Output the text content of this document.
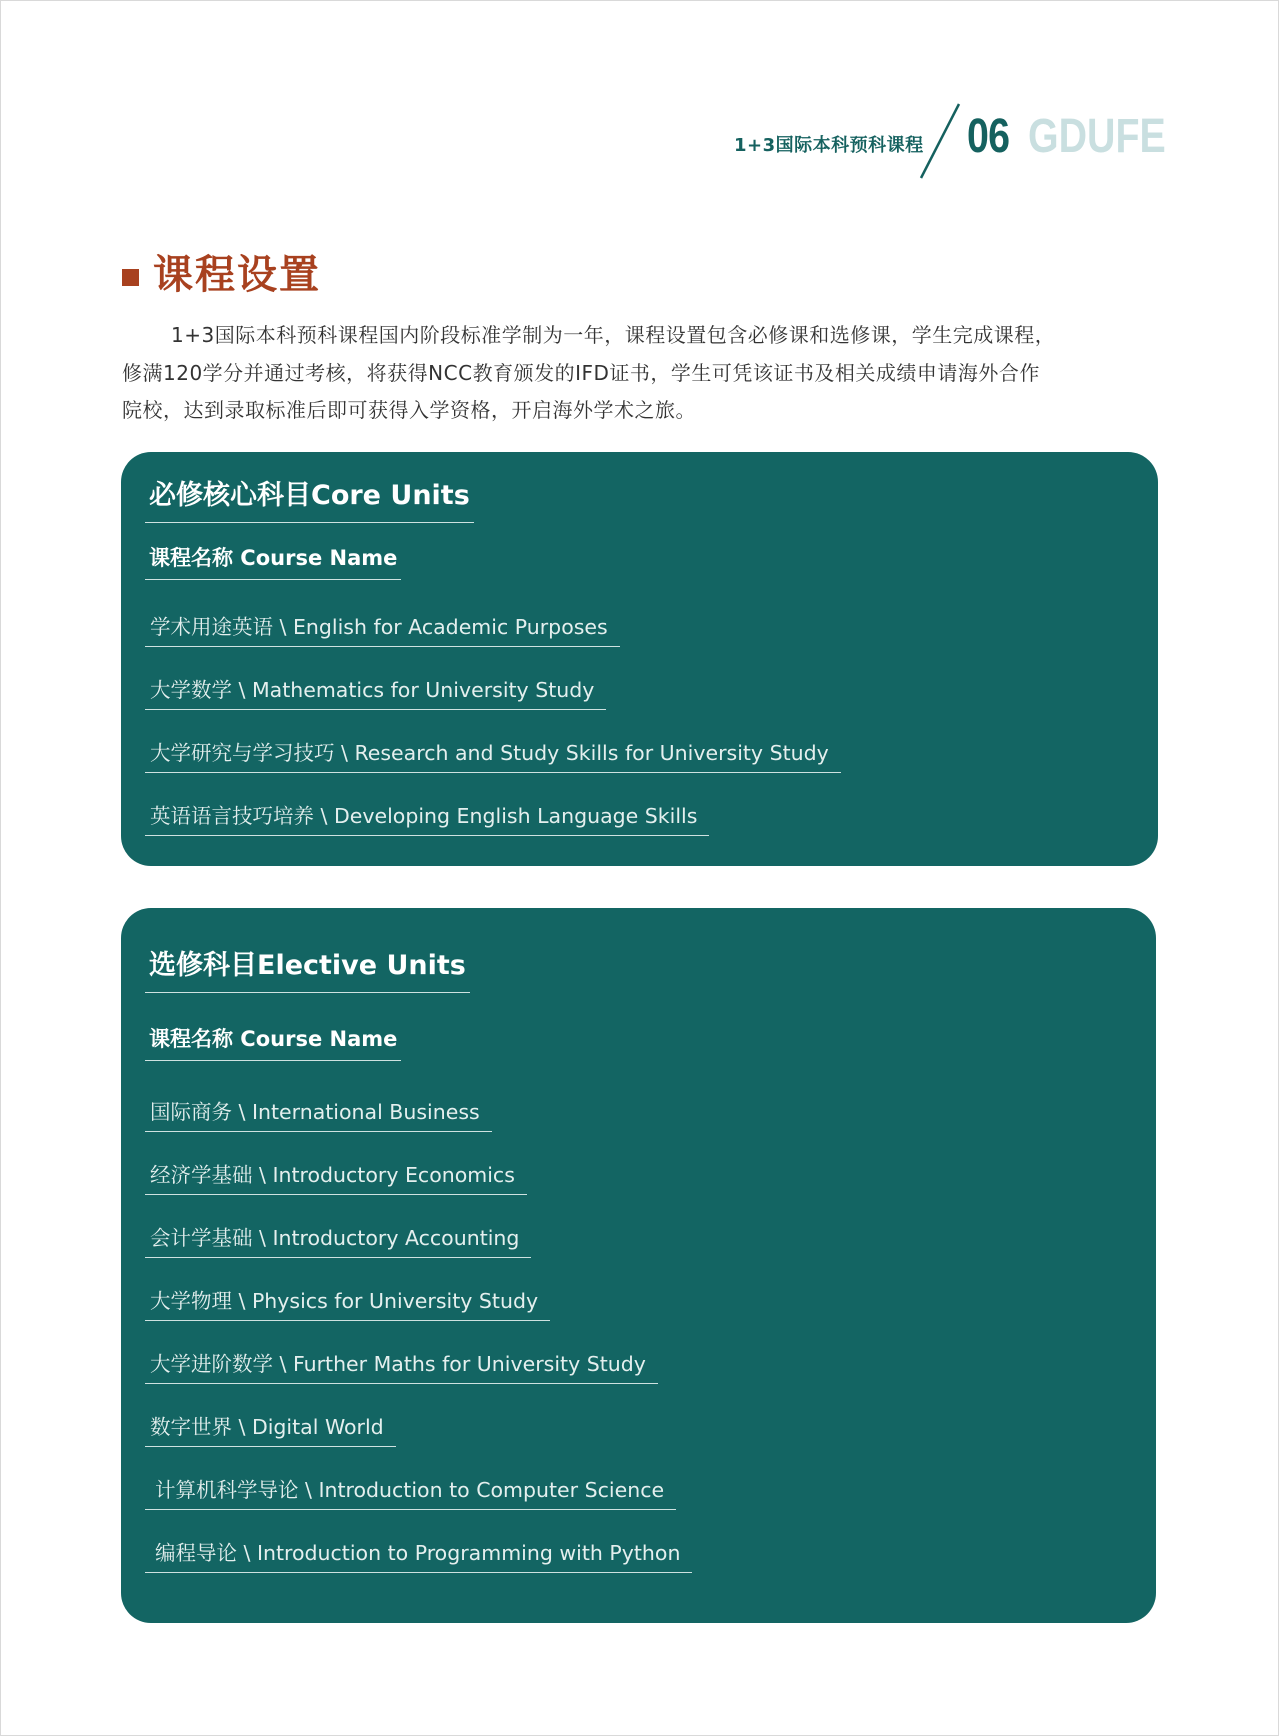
1+3国际本科预科课程 06 GDUFE
课程设置

1+3国际本科预科课程国内阶段标准学制为一年，课程设置包含必修课和选修课，学生完成课程，

修满120学分并通过考核，将获得NCC教育颁发的IFD证书，学生可凭该证书及相关成绩申请海外合作

院校，达到录取标准后即可获得入学资格，开启海外学术之旅。

必修核心科目Core Units
课程名称 Course Name
学术用途英语 \ English for Academic Purposes
大学数学 \ Mathematics for University Study
大学研究与学习技巧 \ Research and Study Skills for University Study
英语语言技巧培养 \ Developing English Language Skills
选修科目Elective Units
课程名称 Course Name
国际商务 \ International Business
经济学基础 \ Introductory Economics
会计学基础 \ Introductory Accounting
大学物理 \ Physics for University Study
大学进阶数学 \ Further Maths for University Study
数字世界 \ Digital World
计算机科学导论 \ Introduction to Computer Science
编程导论 \ Introduction to Programming with Python
